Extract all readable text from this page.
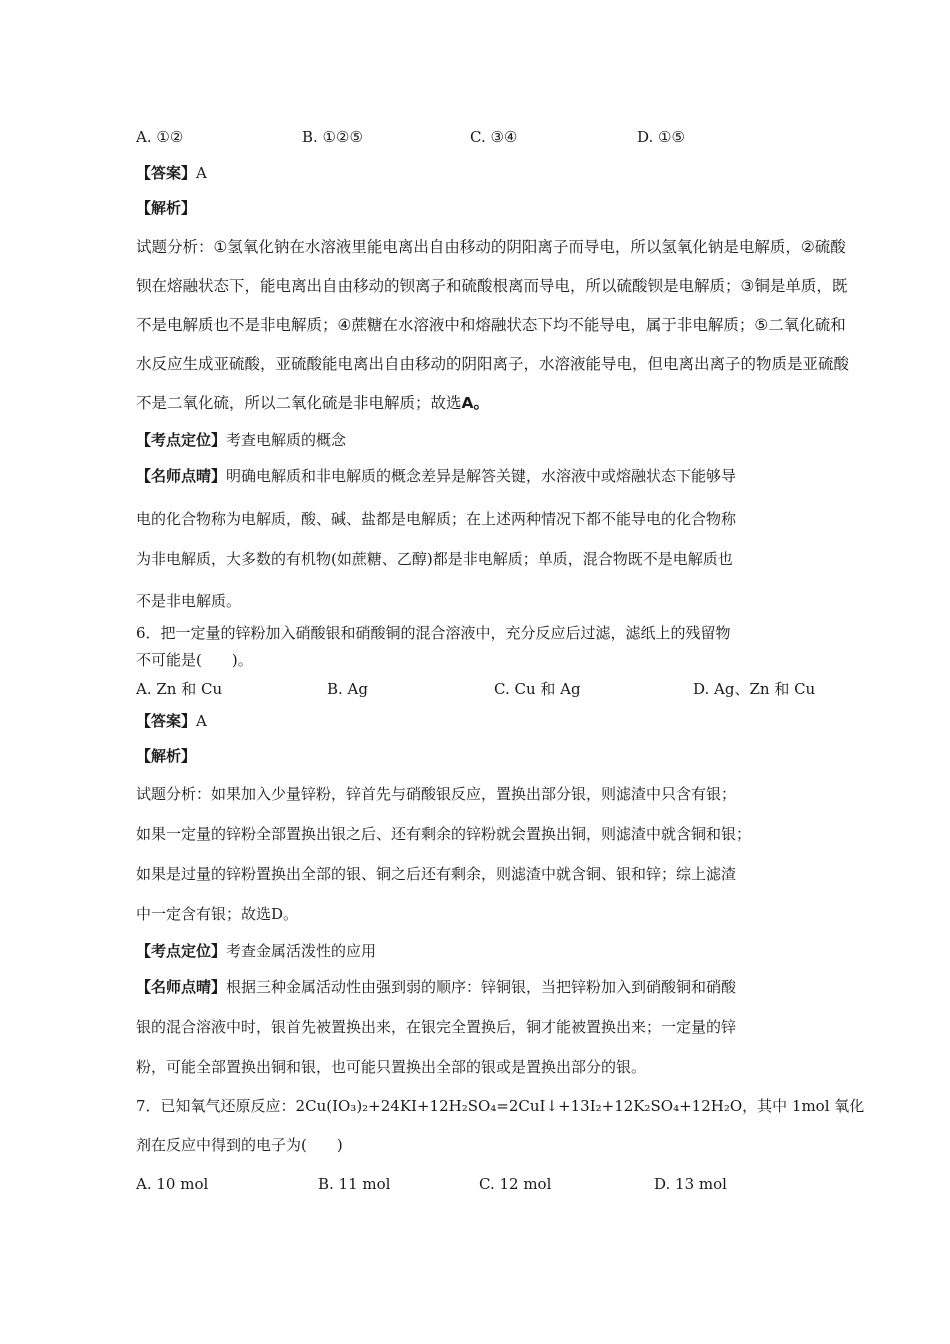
A. ①②	B. ①②⑤	C. ③④	D. ①⑤
【答案】A
【解析】
试题分析：①氢氧化钠在水溶液里能电离出自由移动的阴阳离子而导电，所以氢氧化钠是电解质，②硫酸
钡在熔融状态下，能电离出自由移动的钡离子和硫酸根离而导电，所以硫酸钡是电解质；③铜是单质，既
不是电解质也不是非电解质；④蔗糖在水溶液中和熔融状态下均不能导电，属于非电解质；⑤二氧化硫和
水反应生成亚硫酸，亚硫酸能电离出自由移动的阴阳离子，水溶液能导电，但电离出离子的物质是亚硫酸
不是二氧化硫，所以二氧化硫是非电解质；故选A。
【考点定位】考查电解质的概念
【名师点晴】明确电解质和非电解质的概念差异是解答关键，水溶液中或熔融状态下能够导
电的化合物称为电解质，酸、碱、盐都是电解质；在上述两种情况下都不能导电的化合物称
为非电解质，大多数的有机物(如蔗糖、乙醇)都是非电解质；单质，混合物既不是电解质也
不是非电解质。
6．把一定量的锌粉加入硝酸银和硝酸铜的混合溶液中，充分反应后过滤，滤纸上的残留物
不可能是(　　)。
A. Zn 和 Cu	B. Ag	C. Cu 和 Ag	D. Ag、Zn 和 Cu
【答案】A
【解析】
试题分析：如果加入少量锌粉，锌首先与硝酸银反应，置换出部分银，则滤渣中只含有银；
如果一定量的锌粉全部置换出银之后、还有剩余的锌粉就会置换出铜，则滤渣中就含铜和银；
如果是过量的锌粉置换出全部的银、铜之后还有剩余，则滤渣中就含铜、银和锌；综上滤渣
中一定含有银；故选D。
【考点定位】考查金属活泼性的应用
【名师点晴】根据三种金属活动性由强到弱的顺序：锌铜银，当把锌粉加入到硝酸铜和硝酸
银的混合溶液中时，银首先被置换出来，在银完全置换后，铜才能被置换出来；一定量的锌
粉，可能全部置换出铜和银，也可能只置换出全部的银或是置换出部分的银。
7．已知氧气还原反应：2Cu(IO₃)₂+24KI+12H₂SO₄=2CuI↓+13I₂+12K₂SO₄+12H₂O，其中 1mol 氧化
剂在反应中得到的电子为(　　)
A. 10 mol	B. 11 mol	C. 12 mol	D. 13 mol
